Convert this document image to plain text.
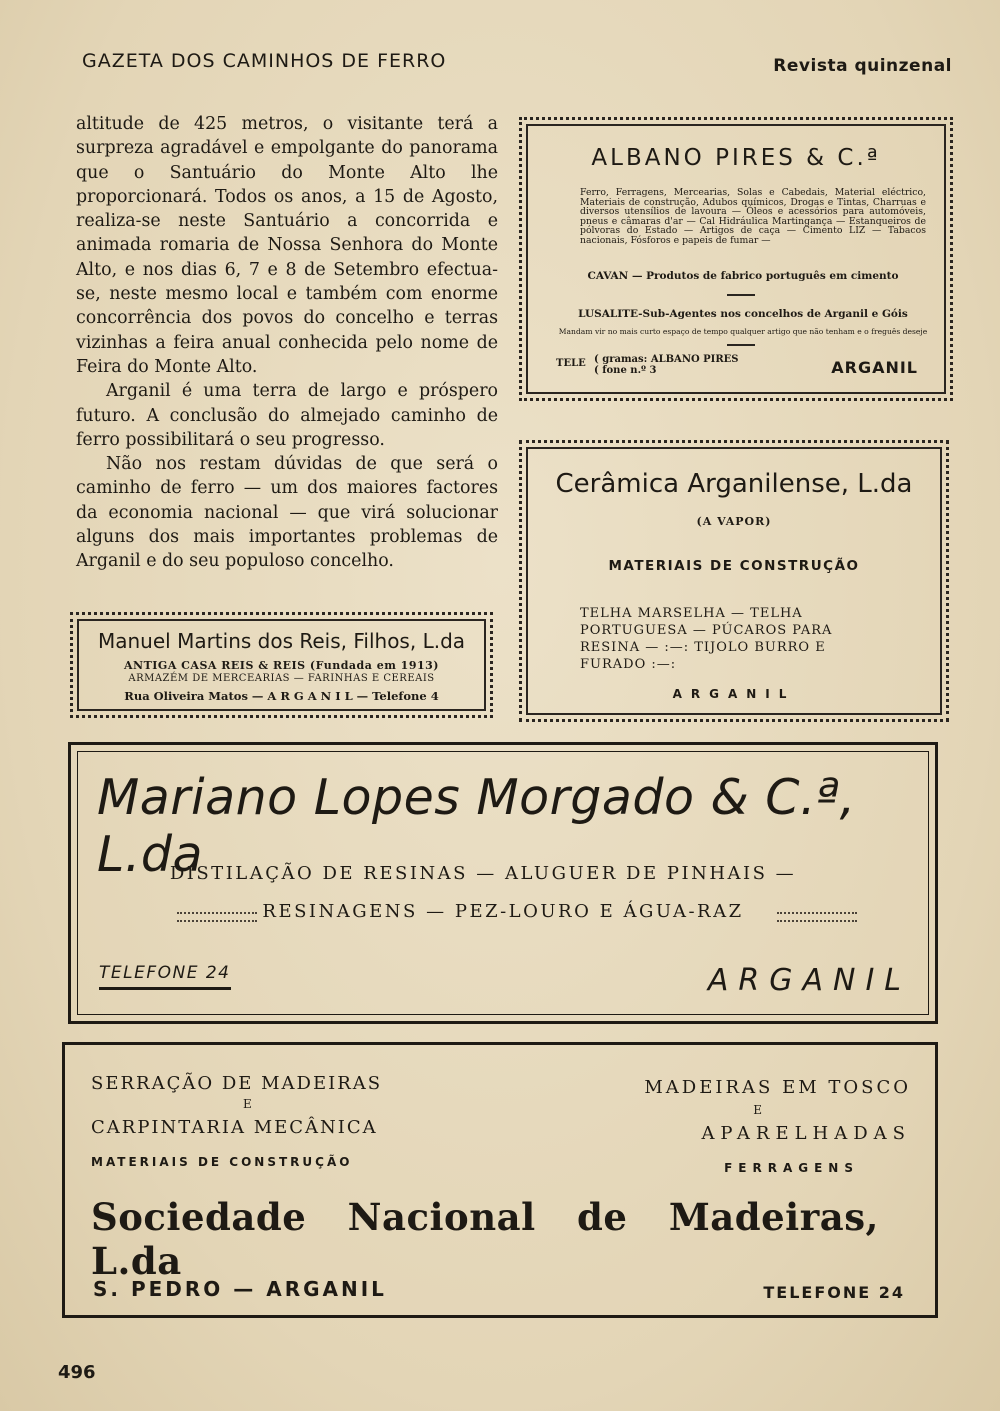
GAZETA DOS CAMINHOS DE FERRO	Revista quinzenal

altitude de 425 metros, o visitante terá a surpreza agradável e empolgante do panorama que o Santuário do Monte Alto lhe proporcionará. Todos os anos, a 15 de Agosto, realiza-se neste Santuário a concorrida e animada romaria de Nossa Senhora do Monte Alto, e nos dias 6, 7 e 8 de Setembro efectua-se, neste mesmo local e também com enorme concorrência dos povos do concelho e terras vizinhas a feira anual conhecida pelo nome de Feira do Monte Alto.

Arganil é uma terra de largo e próspero futuro. A conclusão do almejado caminho de ferro possibilitará o seu progresso.

Não nos restam dúvidas de que será o caminho de ferro — um dos maiores factores da economia nacional — que virá solucionar alguns dos mais importantes problemas de Arganil e do seu populoso concelho.

Manuel Martins dos Reis, Filhos, L.da
ANTIGA CASA REIS & REIS (Fundada em 1913)
ARMAZÉM DE MERCEARIAS — FARINHAS E CEREAIS
Rua Oliveira Matos — A R G A N I L — Telefone 4
ALBANO PIRES & C.ª
Ferro, Ferragens, Mercearias, Solas e Cabedais, Material eléctrico, Materiais de construção, Adubos químicos, Drogas e Tintas, Charruas e diversos utensílios de lavoura — Óleos e acessórios para automóveis, pneus e câmaras d'ar — Cal Hidráulica Martingança — Estanqueiros de pólvoras do Estado — Artigos de caça — Cimento LIZ — Tabacos nacionais, Fósforos e papeis de fumar —
CAVAN — Produtos de fabrico português em cimento
LUSALITE-Sub-Agentes nos concelhos de Arganil e Góis
Mandam vir no mais curto espaço de tempo qualquer artigo que não tenham e o freguês deseje
TELE ( gramas: ALBANO PIRES
( fone n.º 3	ARGANIL
Cerâmica Arganilense, L.da
(A VAPOR)
MATERIAIS DE CONSTRUÇÃO
TELHA MARSELHA — TELHA PORTUGUESA — PÚCAROS PARA RESINA — :—: TIJOLO BURRO E FURADO :—:
ARGANIL
Mariano Lopes Morgado & C.ª, L.da
DISTILAÇÃO DE RESINAS — ALUGUER DE PINHAIS —
RESINAGENS — PEZ-LOURO E ÁGUA-RAZ
TELEFONE 24	ARGANIL
SERRAÇÃO DE MADEIRAS
E
CARPINTARIA MECÂNICA
MATERIAIS DE CONSTRUÇÃO
MADEIRAS EM TOSCO
E
APARELHADAS
FERRAGENS
Sociedade Nacional de Madeiras, L.da
S. PEDRO — ARGANIL	TELEFONE 24
496
